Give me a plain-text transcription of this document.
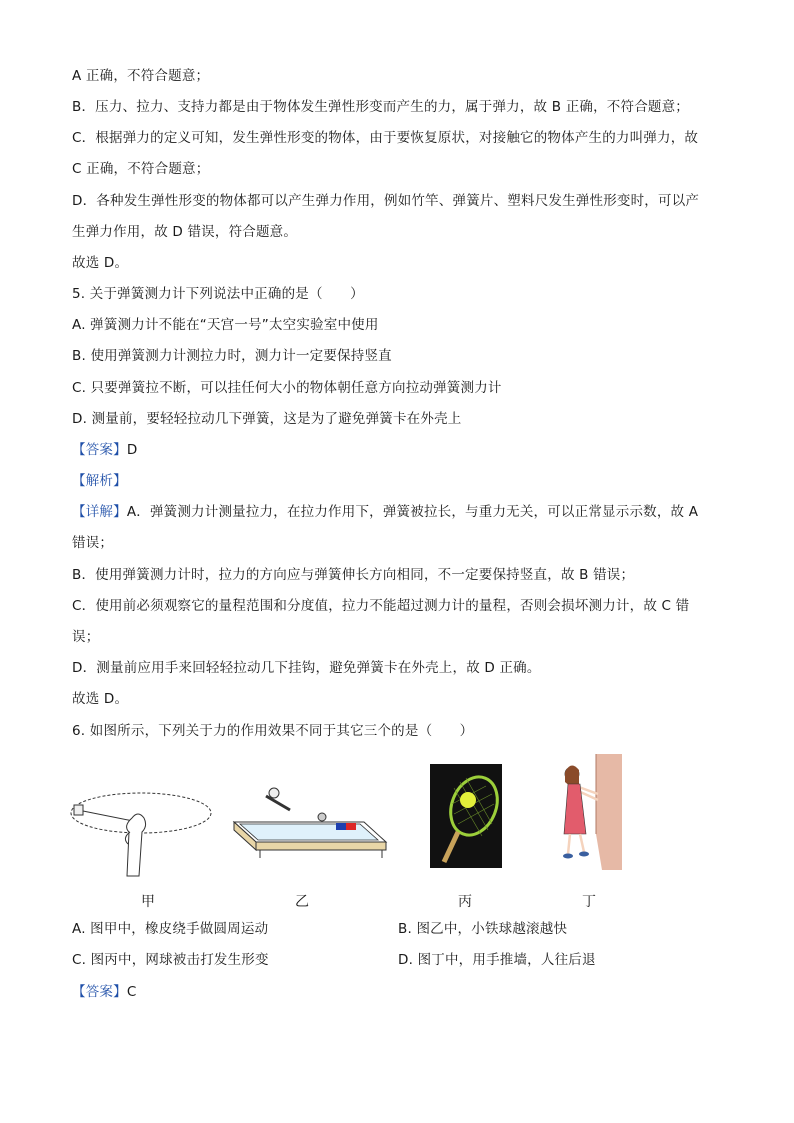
A 正确，不符合题意；
B．压力、拉力、支持力都是由于物体发生弹性形变而产生的力，属于弹力，故 B 正确，不符合题意；
C．根据弹力的定义可知，发生弹性形变的物体，由于要恢复原状，对接触它的物体产生的力叫弹力，故
C 正确，不符合题意；
D．各种发生弹性形变的物体都可以产生弹力作用，例如竹竿、弹簧片、塑料尺发生弹性形变时，可以产
生弹力作用，故 D 错误，符合题意。
故选 D。
5. 关于弹簧测力计下列说法中正确的是（　　）
A. 弹簧测力计不能在“天宫一号”太空实验室中使用
B. 使用弹簧测力计测拉力时，测力计一定要保持竖直
C. 只要弹簧拉不断，可以挂任何大小的物体朝任意方向拉动弹簧测力计
D. 测量前，要轻轻拉动几下弹簧，这是为了避免弹簧卡在外壳上
【答案】D
【解析】
【详解】A．弹簧测力计测量拉力，在拉力作用下，弹簧被拉长，与重力无关，可以正常显示示数，故 A
错误；
B．使用弹簧测力计时，拉力的方向应与弹簧伸长方向相同，不一定要保持竖直，故 B 错误；
C．使用前必须观察它的量程范围和分度值，拉力不能超过测力计的量程，否则会损坏测力计，故 C 错
误；
D．测量前应用手来回轻轻拉动几下挂钩，避免弹簧卡在外壳上，故 D 正确。
故选 D。
6. 如图所示，下列关于力的作用效果不同于其它三个的是（　　）
甲	乙	丙	丁
A. 图甲中，橡皮绕手做圆周运动	B. 图乙中，小铁球越滚越快
C. 图丙中，网球被击打发生形变	D. 图丁中，用手推墙，人往后退
【答案】C
